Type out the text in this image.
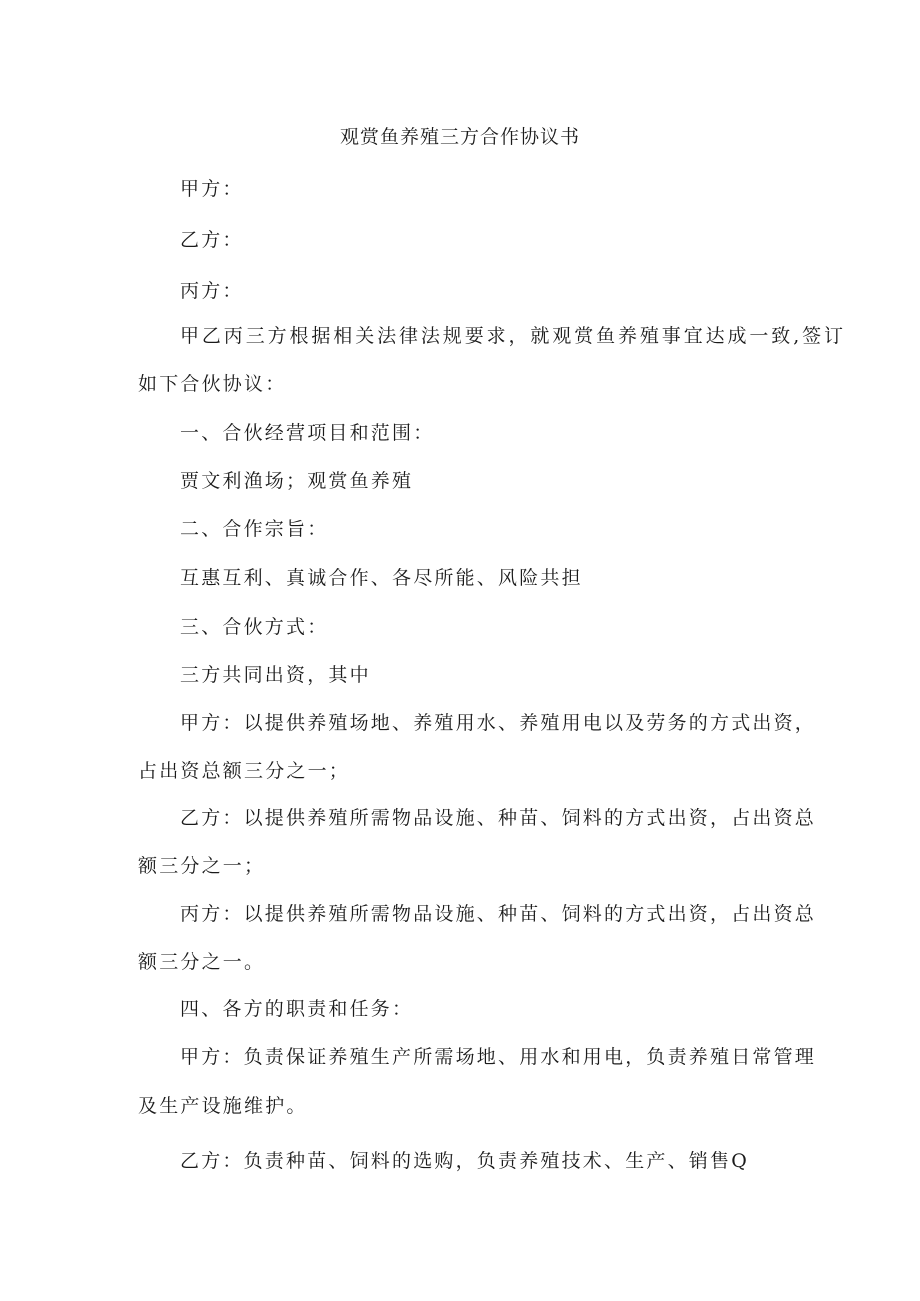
观赏鱼养殖三方合作协议书
甲方：
乙方：
丙方：
甲乙丙三方根据相关法律法规要求，就观赏鱼养殖事宜达成一致,签订
如下合伙协议：
一、合伙经营项目和范围：
贾文利渔场；观赏鱼养殖
二、合作宗旨：
互惠互利、真诚合作、各尽所能、风险共担
三、合伙方式：
三方共同出资，其中
甲方：以提供养殖场地、养殖用水、养殖用电以及劳务的方式出资，
占出资总额三分之一；
乙方：以提供养殖所需物品设施、种苗、饲料的方式出资，占出资总
额三分之一；
丙方：以提供养殖所需物品设施、种苗、饲料的方式出资，占出资总
额三分之一。
四、各方的职责和任务：
甲方：负责保证养殖生产所需场地、用水和用电，负责养殖日常管理
及生产设施维护。
乙方：负责种苗、饲料的选购，负责养殖技术、生产、销售Q
